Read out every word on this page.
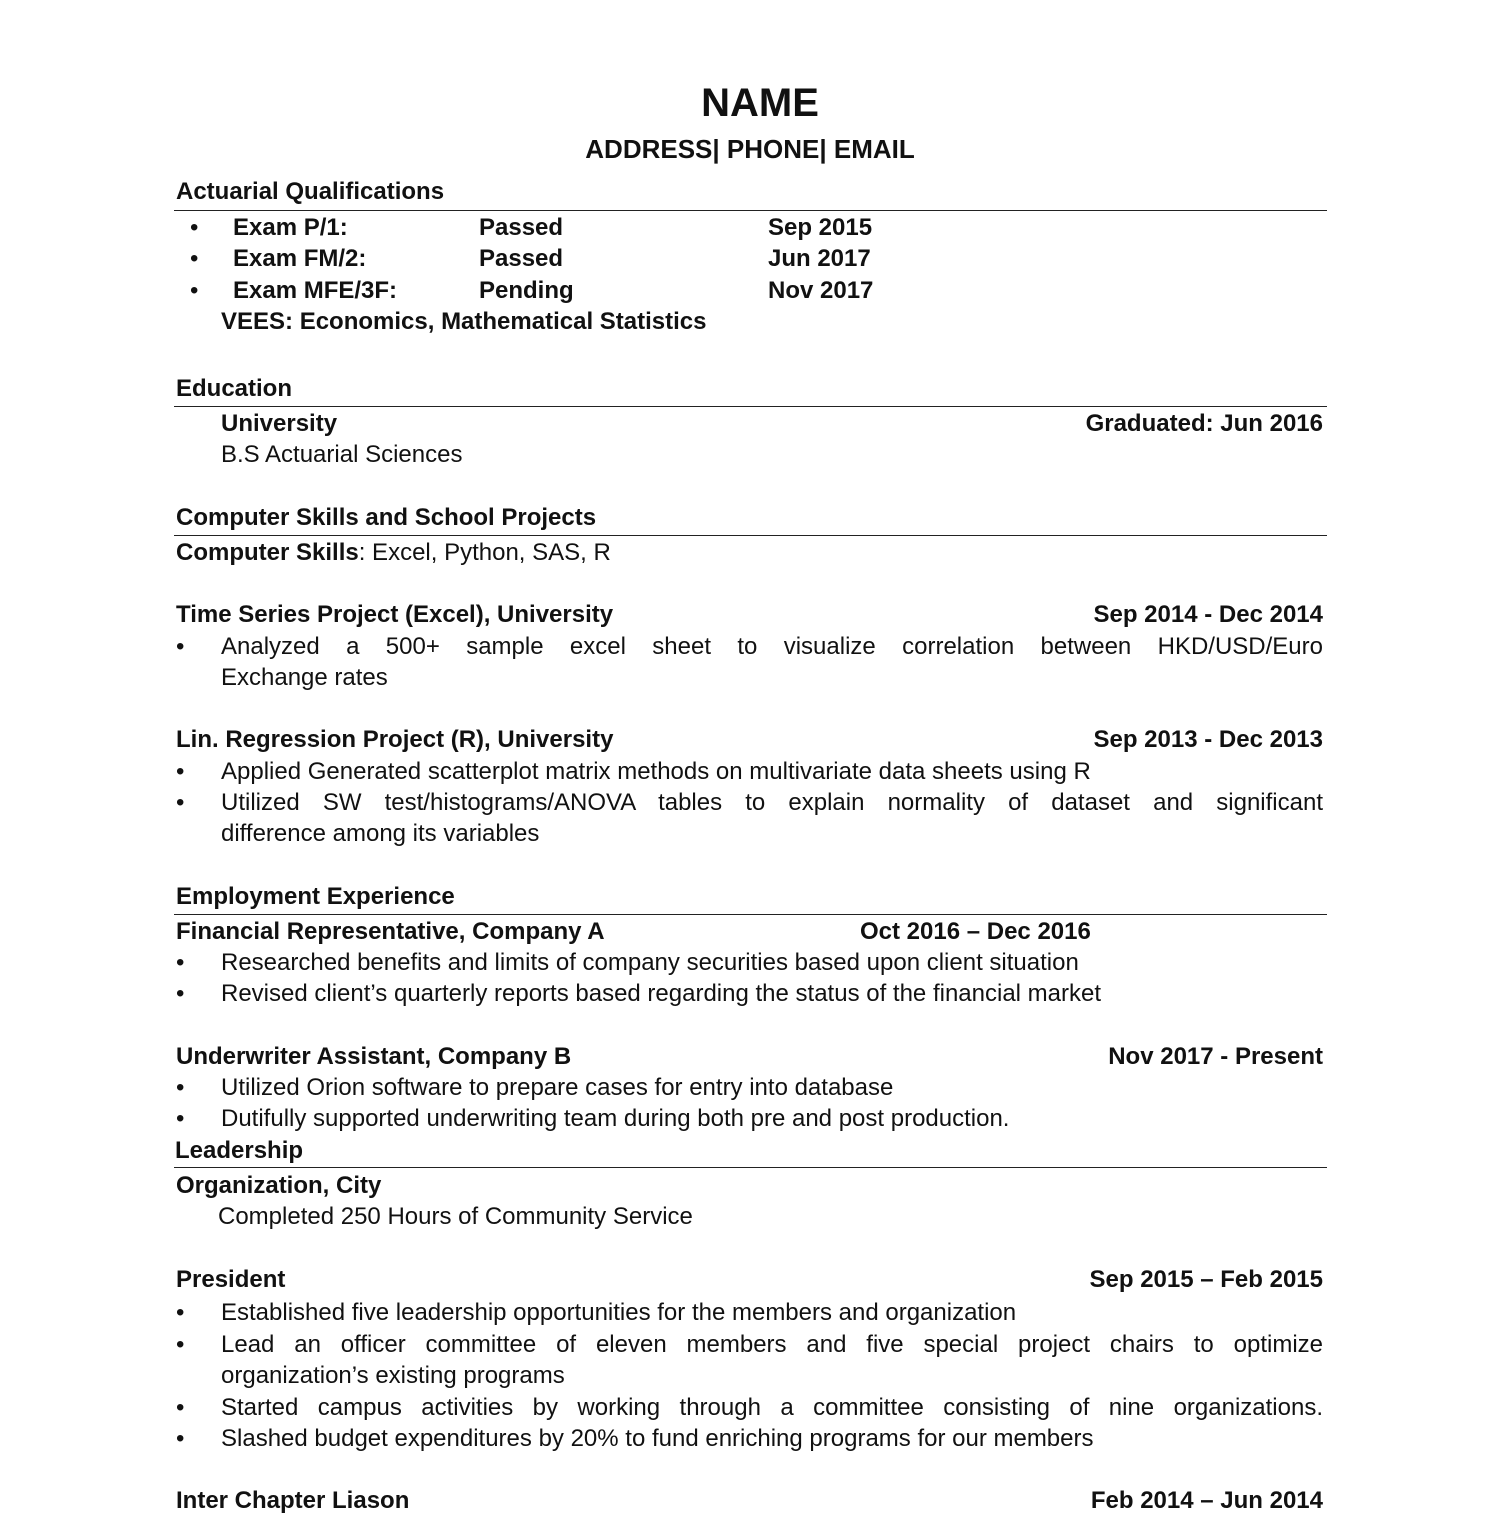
NAME
ADDRESS| PHONE| EMAIL
Actuarial Qualifications
• Exam P/1:	Passed	Sep 2015
• Exam FM/2:	Passed	Jun 2017
• Exam MFE/3F:	Pending	Nov 2017
VEES: Economics, Mathematical Statistics
Education
University	Graduated: Jun 2016
B.S Actuarial Sciences
Computer Skills and School Projects
Computer Skills: Excel, Python, SAS, R
Time Series Project (Excel), University	Sep 2014 - Dec 2014
• Analyzed a 500+ sample excel sheet to visualize correlation between HKD/USD/Euro
Exchange rates
Lin. Regression Project (R), University	Sep 2013 - Dec 2013
• Applied Generated scatterplot matrix methods on multivariate data sheets using R
• Utilized SW test/histograms/ANOVA tables to explain normality of dataset and significant
difference among its variables
Employment Experience
Financial Representative, Company A	Oct 2016 – Dec 2016
• Researched benefits and limits of company securities based upon client situation
• Revised client’s quarterly reports based regarding the status of the financial market
Underwriter Assistant, Company B	Nov 2017 - Present
• Utilized Orion software to prepare cases for entry into database
• Dutifully supported underwriting team during both pre and post production.
Leadership
Organization, City
Completed 250 Hours of Community Service
President	Sep 2015 – Feb 2015
• Established five leadership opportunities for the members and organization
• Lead an officer committee of eleven members and five special project chairs to optimize
organization’s existing programs
• Started campus activities by working through a committee consisting of nine organizations.
• Slashed budget expenditures by 20% to fund enriching programs for our members
Inter Chapter Liason	Feb 2014 – Jun 2014
